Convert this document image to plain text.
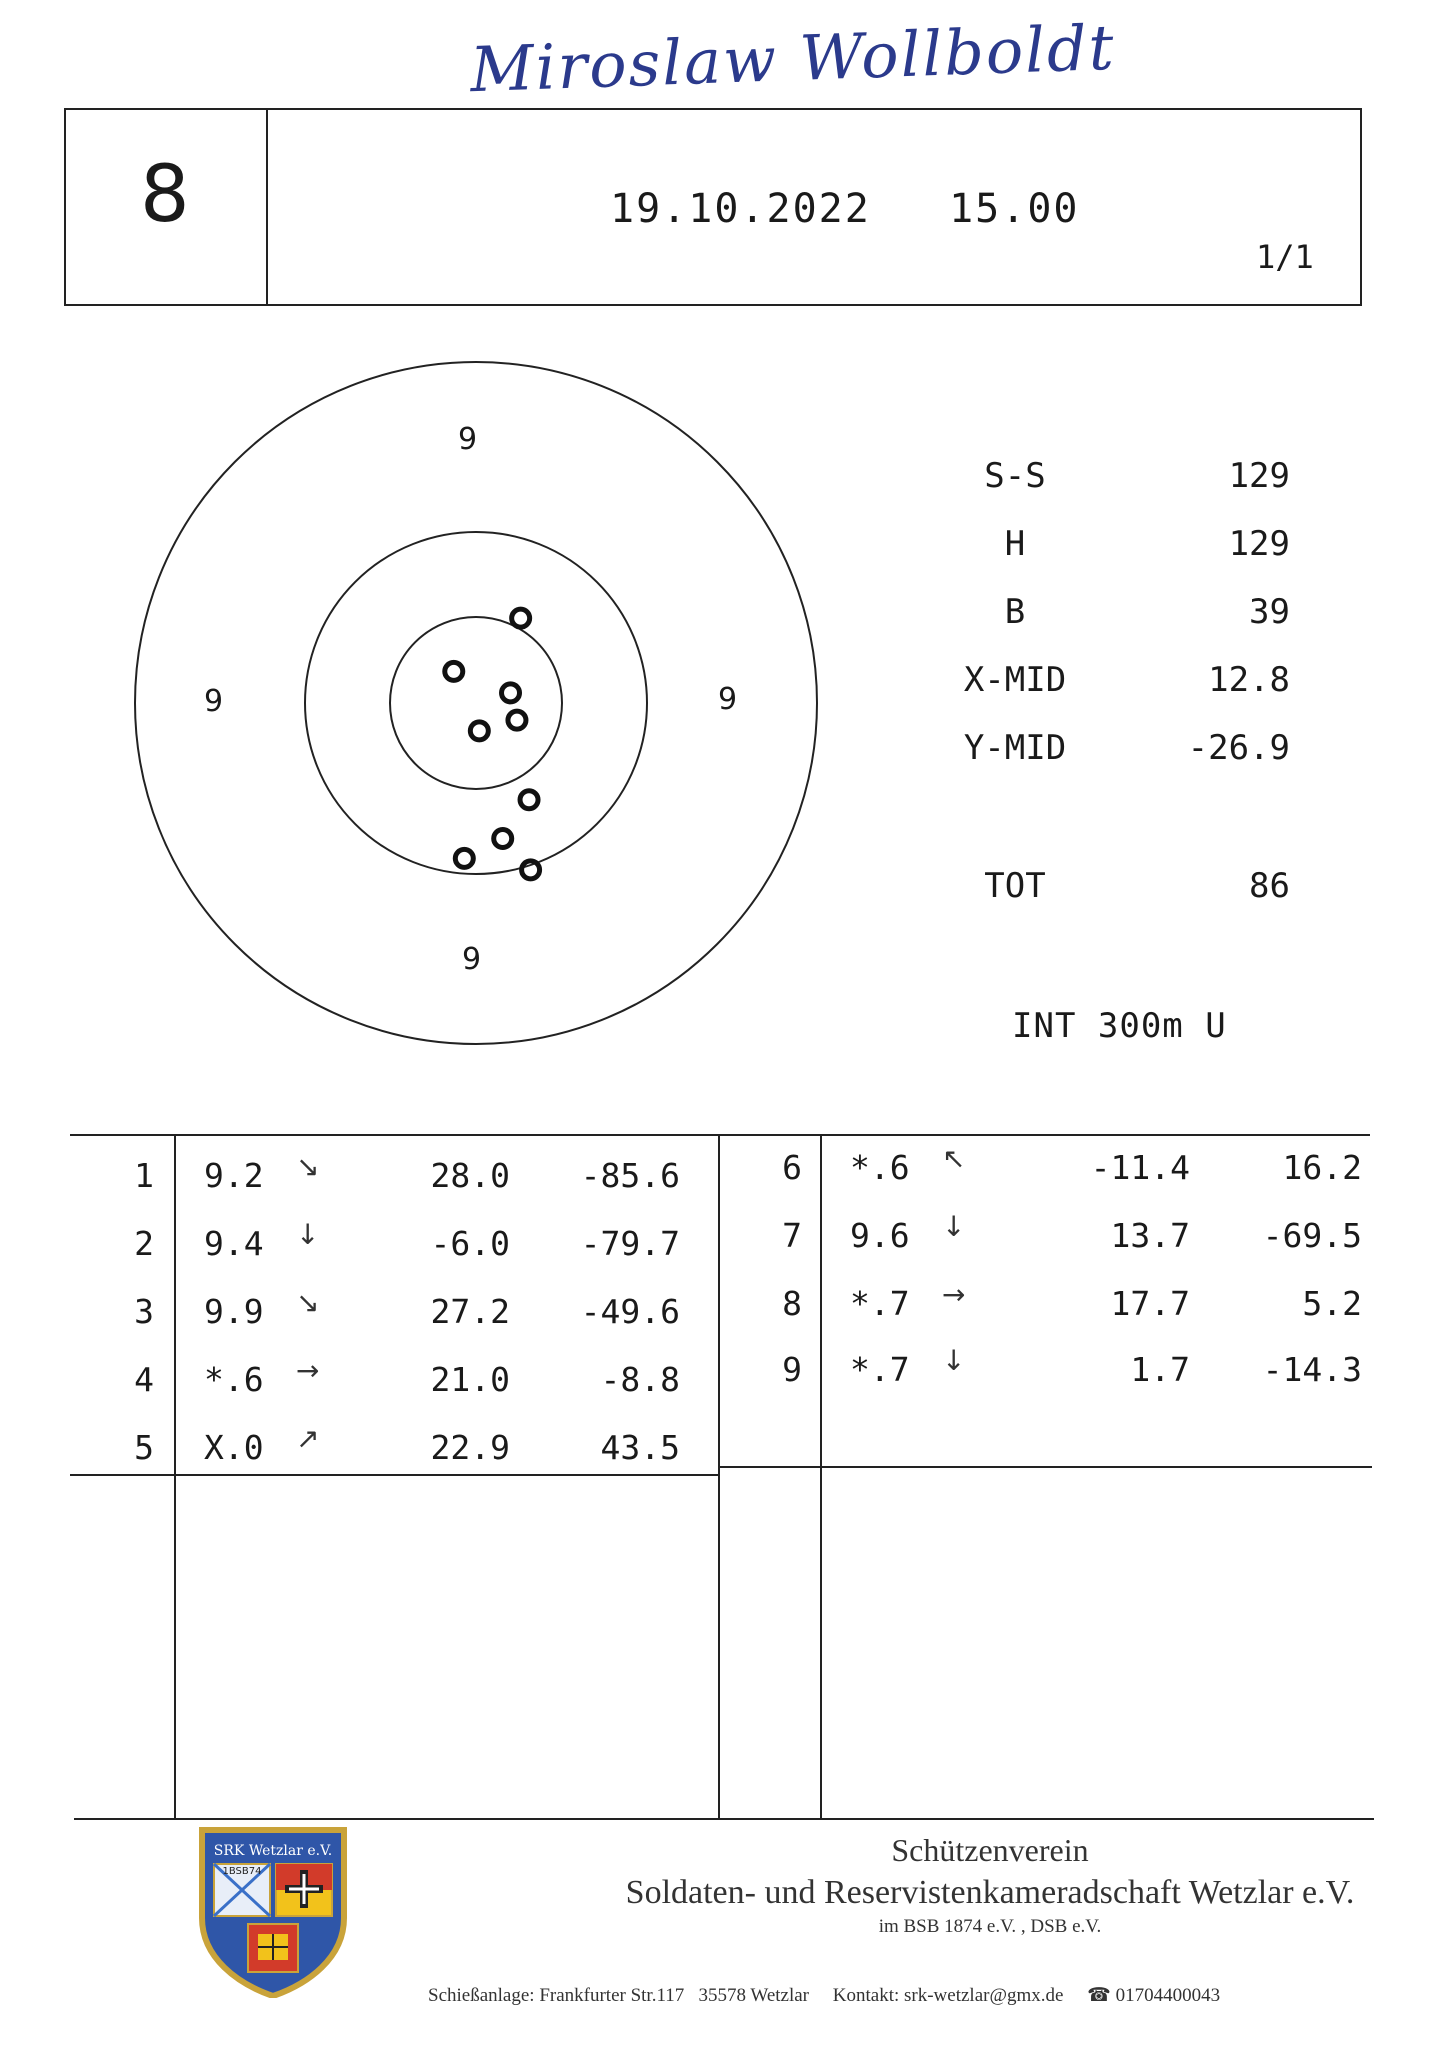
Miroslaw Wollboldt
8	19.10.2022   15.00
1/1
9
9	9
9
S-S	129
H	129
B	39
X-MID	12.8
Y-MID	-26.9
TOT	86
INT 300m U
1 9.2 ↘	28.0	-85.6
2 9.4 ↓	-6.0	-79.7
3 9.9 ↘	27.2	-49.6
4 *.6 →	21.0	-8.8
5 X.0 ↗	22.9	43.5
6 *.6 ↖	-11.4	16.2
7 9.6 ↓	13.7	-69.5
8 *.7 →	17.7	5.2
9 *.7 ↓	1.7	-14.3
SRK Wetzlar e.V.
1BSB74
Schützenverein
Soldaten- und Reservistenkameradschaft Wetzlar e.V.
im BSB 1874 e.V. , DSB e.V.
Schießanlage: Frankfurter Str.117   35578 Wetzlar     Kontakt: srk-wetzlar@gmx.de     ☎ 01704400043
